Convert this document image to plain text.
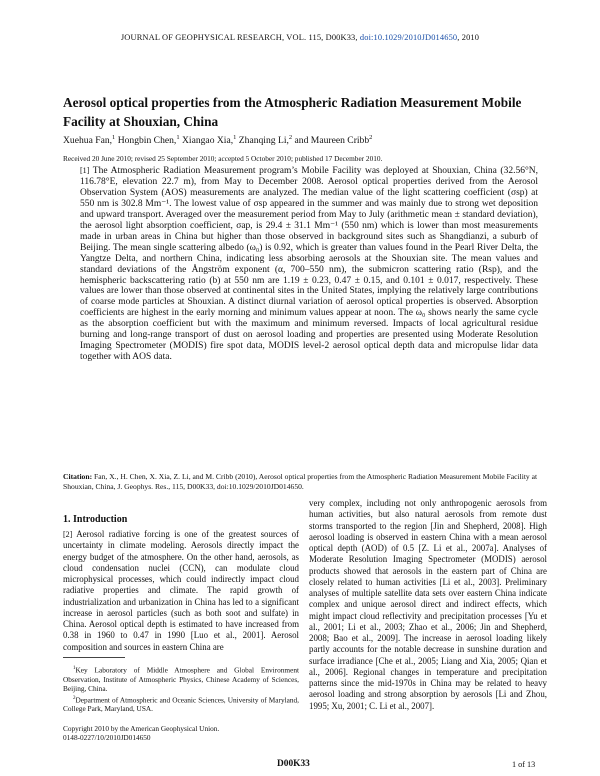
JOURNAL OF GEOPHYSICAL RESEARCH, VOL. 115, D00K33, doi:10.1029/2010JD014650, 2010
Aerosol optical properties from the Atmospheric Radiation Measurement Mobile Facility at Shouxian, China
Xuehua Fan,$^1$ Hongbin Chen,$^1$ Xiangao Xia,$^1$ Zhanqing Li,$^2$ and Maureen Cribb$^2$
Received 20 June 2010; revised 25 September 2010; accepted 5 October 2010; published 17 December 2010.

[1] The Atmospheric Radiation Measurement program’s Mobile Facility was deployed at Shouxian, China (32.56°N, 116.78°E, elevation 22.7 m), from May to December 2008. Aerosol optical properties derived from the Aerosol Observation System (AOS) measurements are analyzed. The median value of the light scattering coefficient (σsp) at 550 nm is 302.8 Mm⁻¹. The lowest value of σsp appeared in the summer and was mainly due to strong wet deposition and upward transport. Averaged over the measurement period from May to July (arithmetic mean ± standard deviation), the aerosol light absorption coefficient, σap, is 29.4 ± 31.1 Mm⁻¹ (550 nm) which is lower than most measurements made in urban areas in China but higher than those observed in background sites such as Shangdianzi, a suburb of Beijing. The mean single scattering albedo (ω₀) is 0.92, which is greater than values found in the Pearl River Delta, the Yangtze Delta, and northern China, indicating less absorbing aerosols at the Shouxian site. The mean values and standard deviations of the Ångström exponent (α, 700–550 nm), the submicron scattering ratio (Rsp), and the hemispheric backscattering ratio (b) at 550 nm are 1.19 ± 0.23, 0.47 ± 0.15, and 0.101 ± 0.017, respectively. These values are lower than those observed at continental sites in the United States, implying the relatively large contributions of coarse mode particles at Shouxian. A distinct diurnal variation of aerosol optical properties is observed. Absorption coefficients are highest in the early morning and minimum values appear at noon. The ω₀ shows nearly the same cycle as the absorption coefficient but with the maximum and minimum reversed. Impacts of local agricultural residue burning and long-range transport of dust on aerosol loading and properties are presented using Moderate Resolution Imaging Spectrometer (MODIS) fire spot data, MODIS level-2 aerosol optical depth data and micropulse lidar data together with AOS data.

Citation: Fan, X., H. Chen, X. Xia, Z. Li, and M. Cribb (2010), Aerosol optical properties from the Atmospheric Radiation Measurement Mobile Facility at Shouxian, China, J. Geophys. Res., 115, D00K33, doi:10.1029/2010JD014650.
1. Introduction

[2] Aerosol radiative forcing is one of the greatest sources of uncertainty in climate modeling. Aerosols directly impact the energy budget of the atmosphere. On the other hand, aerosols, as cloud condensation nuclei (CCN), can modulate cloud microphysical processes, which could indirectly impact cloud radiative properties and climate. The rapid growth of industrialization and urbanization in China has led to a significant increase in aerosol particles (such as both soot and sulfate) in China. Aerosol optical depth is estimated to have increased from 0.38 in 1960 to 0.47 in 1990 [Luo et al., 2001]. Aerosol composition and sources in eastern China are

$^1$Key Laboratory of Middle Atmosphere and Global Environment Observation, Institute of Atmospheric Physics, Chinese Academy of Sciences, Beijing, China.

$^2$Department of Atmospheric and Oceanic Sciences, University of Maryland, College Park, Maryland, USA.

Copyright 2010 by the American Geophysical Union.
0148-0227/10/2010JD014650

very complex, including not only anthropogenic aerosols from human activities, but also natural aerosols from remote dust storms transported to the region [Jin and Shepherd, 2008]. High aerosol loading is observed in eastern China with a mean aerosol optical depth (AOD) of 0.5 [Z. Li et al., 2007a]. Analyses of Moderate Resolution Imaging Spectrometer (MODIS) aerosol products showed that aerosols in the eastern part of China are closely related to human activities [Li et al., 2003]. Preliminary analyses of multiple satellite data sets over eastern China indicate complex and unique aerosol direct and indirect effects, which might impact cloud reflectivity and precipitation processes [Yu et al., 2001; Li et al., 2003; Zhao et al., 2006; Jin and Shepherd, 2008; Bao et al., 2009]. The increase in aerosol loading likely partly accounts for the notable decrease in sunshine duration and surface irradiance [Che et al., 2005; Liang and Xia, 2005; Qian et al., 2006]. Regional changes in temperature and precipitation patterns since the mid-1970s in China may be related to heavy aerosol loading and strong absorption by aerosols [Li and Zhou, 1995; Xu, 2001; C. Li et al., 2007].

D00K33	1 of 13
